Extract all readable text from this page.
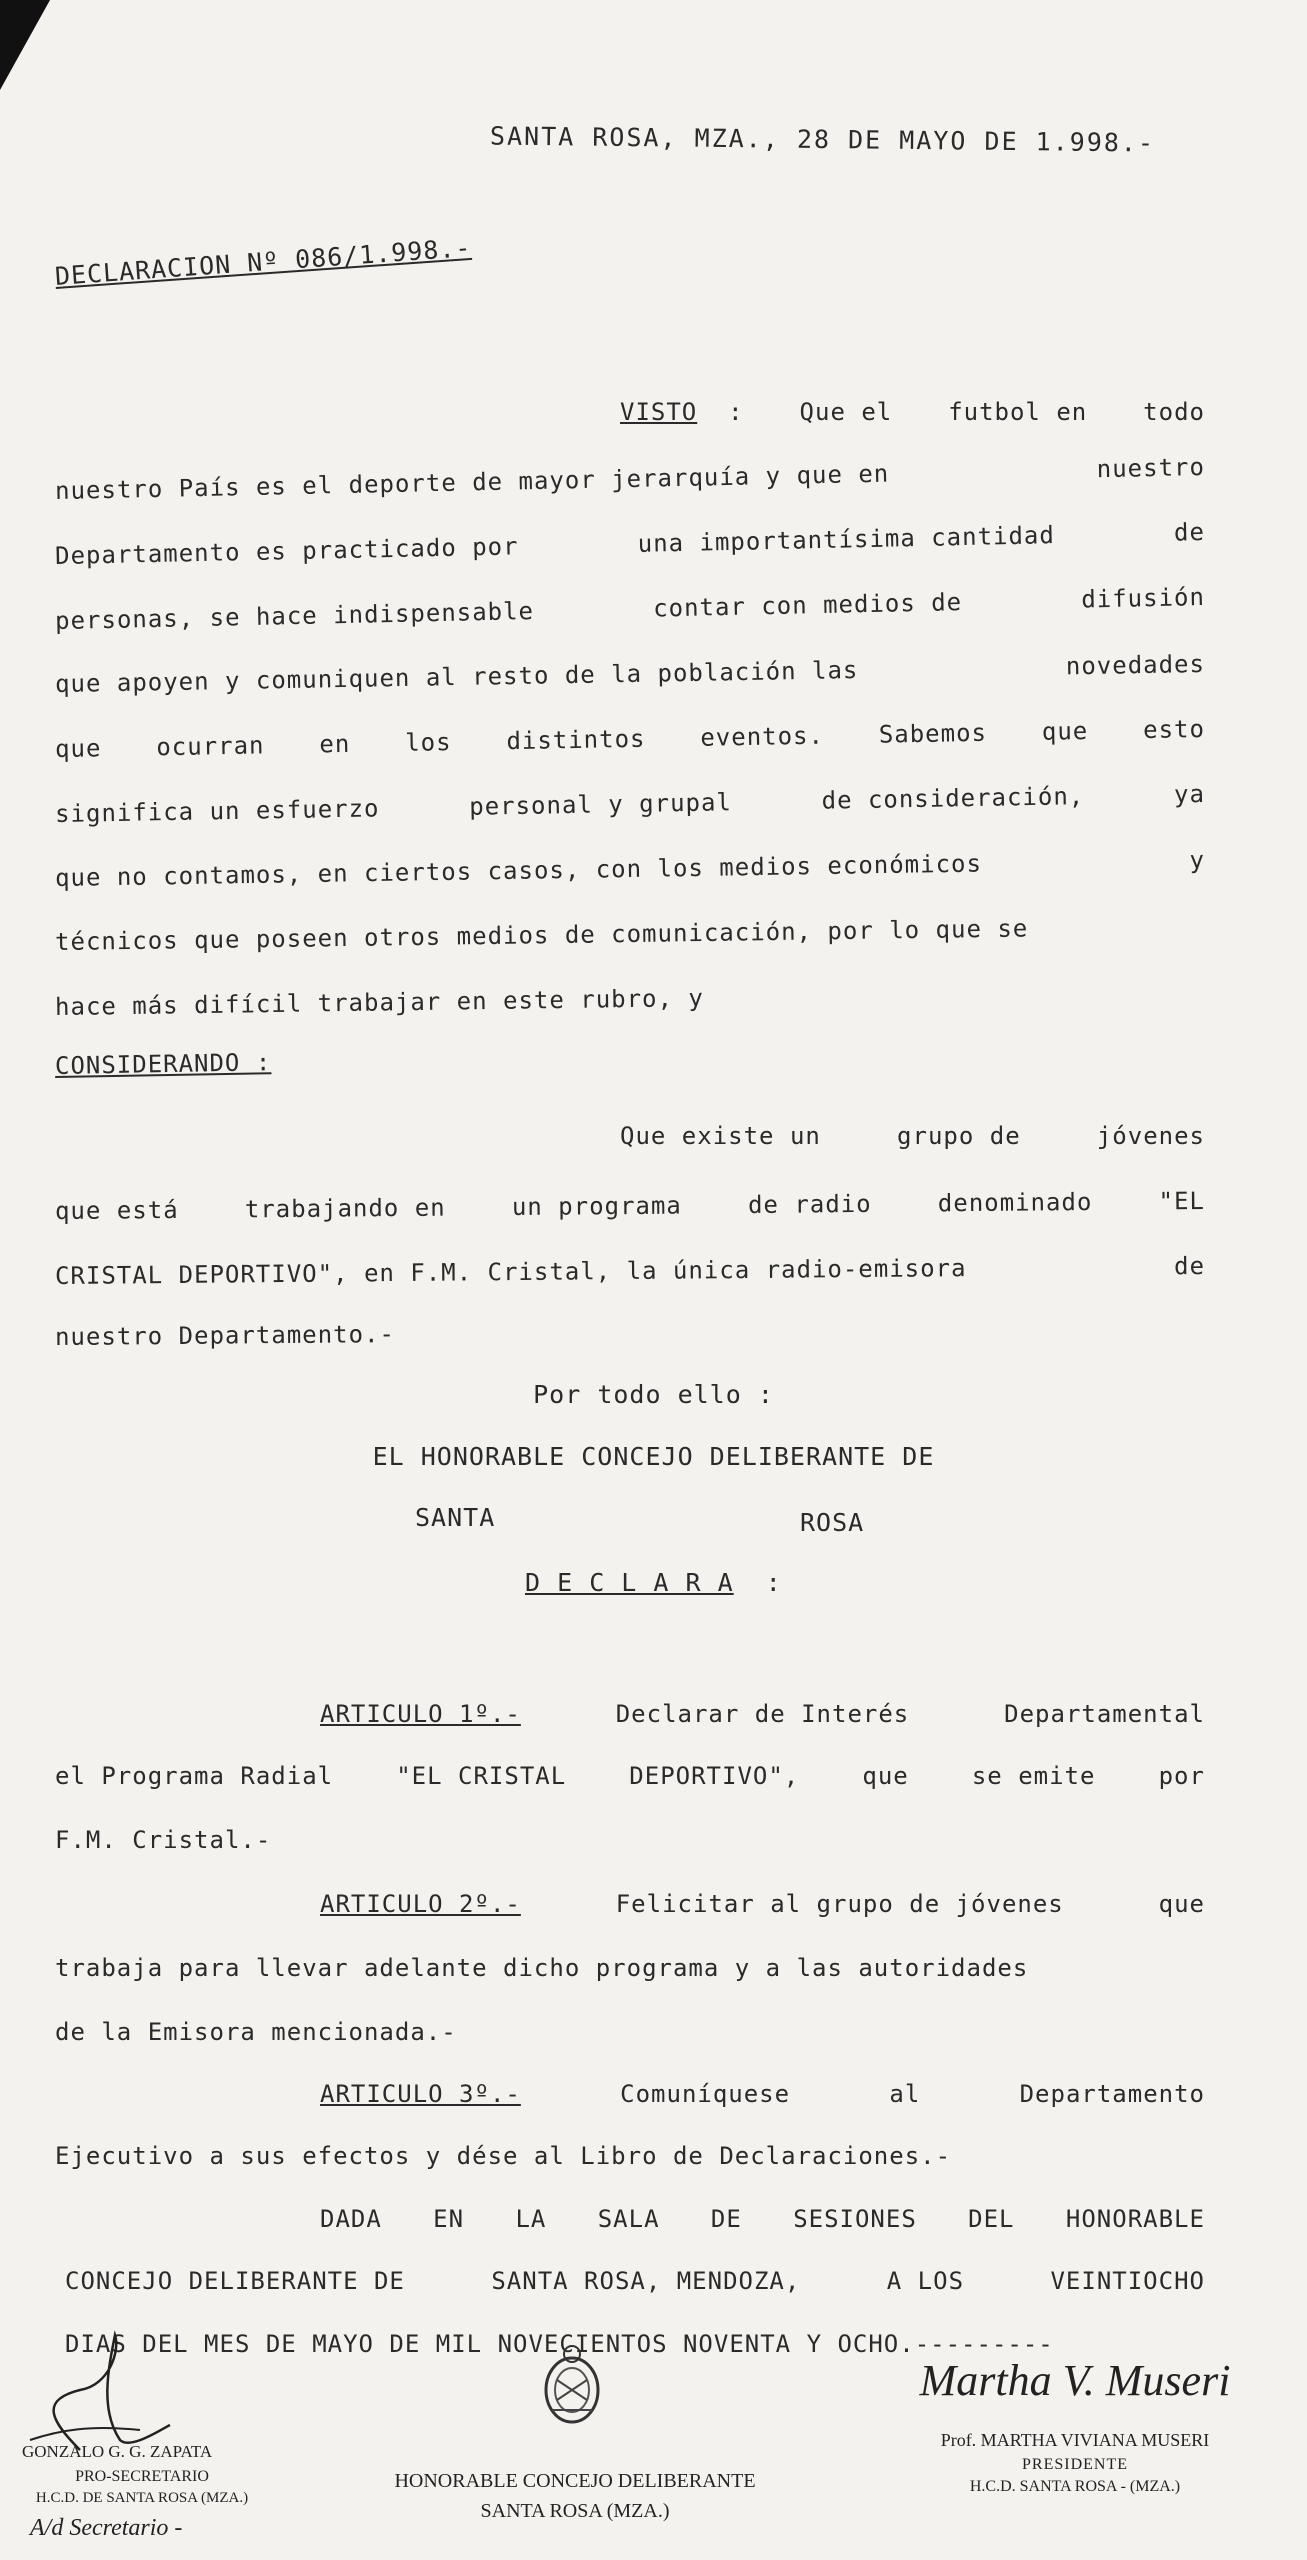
SANTA ROSA, MZA., 28 DE MAYO DE 1.998.-
DECLARACION Nº 086/1.998.-
VISTO : Que el futbol en todo
nuestro País es el deporte de mayor jerarquía y que en	nuestro
Departamento es practicado por	una importantísima cantidad	de
personas, se hace indispensable	contar con medios de	difusión
que apoyen y comuniquen al resto de la población las	novedades
que ocurran en los distintos eventos. Sabemos que esto
significa un esfuerzo	personal y grupal	de consideración,	ya
que no contamos, en ciertos casos, con los medios económicos	y
técnicos que poseen otros medios de comunicación, por lo que se
hace más difícil trabajar en este rubro, y
CONSIDERANDO :
Que existe un	grupo de	jóvenes
que está	trabajando en	un programa	de radio	denominado	"EL
CRISTAL DEPORTIVO", en F.M. Cristal, la única radio-emisora	de
nuestro Departamento.-
Por todo ello :
EL HONORABLE CONCEJO DELIBERANTE DE
SANTA	ROSA
D E C L A R A :
ARTICULO 1º.-	Declarar de Interés	Departamental
el Programa Radial	"EL CRISTAL	DEPORTIVO",	que	se emite	por
F.M. Cristal.-
ARTICULO 2º.-	Felicitar al grupo de jóvenes	que
trabaja para llevar adelante dicho programa y a las autoridades
de la Emisora mencionada.-
ARTICULO 3º.-	Comuníquese	al	Departamento
Ejecutivo a sus efectos y dése al Libro de Declaraciones.-
DADA EN LA SALA DE SESIONES DEL HONORABLE
CONCEJO DELIBERANTE DE	SANTA ROSA, MENDOZA,	A LOS	VEINTIOCHO
DIAS DEL MES DE MAYO DE MIL NOVECIENTOS NOVENTA Y OCHO.---------
GONZALO G. G. ZAPATA
PRO-SECRETARIO
H.C.D. DE SANTA ROSA (MZA.)
A/d Secretario -
HONORABLE CONCEJO DELIBERANTE
SANTA ROSA (MZA.)
Martha V. Museri
Prof. MARTHA VIVIANA MUSERI
PRESIDENTE
H.C.D. SANTA ROSA - (MZA.)
